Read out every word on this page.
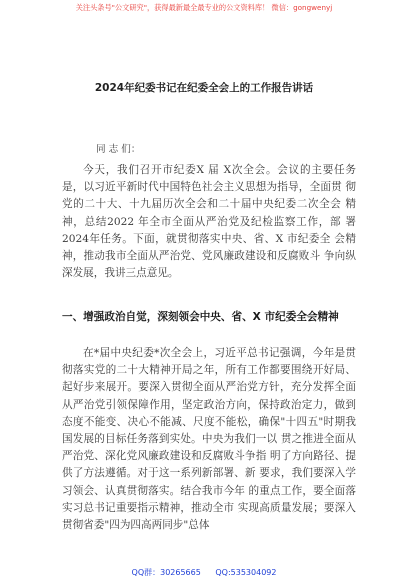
关注头条号"公文研究"，获得最新最全最专业的公文资料库！ 微信：gongwenyj
2024年纪委书记在纪委全会上的工作报告讲话
同 志 们：
今天，我们召开市纪委X 届 X次全会。会议的主要任务 是，以习近平新时代中国特色社会主义思想为指导，全面贯 彻党的二十大、十九届历次全会和二十届中央纪委二次全会 精神，总结2022 年全市全面从严治党及纪检监察工作，部 署2024年任务。下面，就贯彻落实中央、省、X 市纪委全 会精神，推动我市全面从严治党、党风廉政建设和反腐败斗 争向纵深发展，我讲三点意见。
一、增强政治自觉，深刻领会中央、省、X 市纪委全会精神
在*届中央纪委*次全会上，习近平总书记强调，今年是贯彻落实党的二十大精神开局之年，所有工作都要围绕开好局、起好步来展开。要深入贯彻全面从严治党方针，充分发挥全面从严治党引领保障作用，坚定政治方向，保持政治定力，做到态度不能变、决心不能减、尺度不能松，确保"十四五"时期我国发展的目标任务落到实处。中央为我们一以 贯之推进全面从严治党、深化党风廉政建设和反腐败斗争指 明了方向路径、提供了方法遵循。对于这一系列新部署、新 要求，我们要深入学习领会、认真贯彻落实。结合我市今年 的重点工作，要全面落实习总书记重要指示精神，推动全市 实现高质量发展；要深入贯彻省委"四为四高两同步"总体
QQ群：30265665 QQ:535304092
